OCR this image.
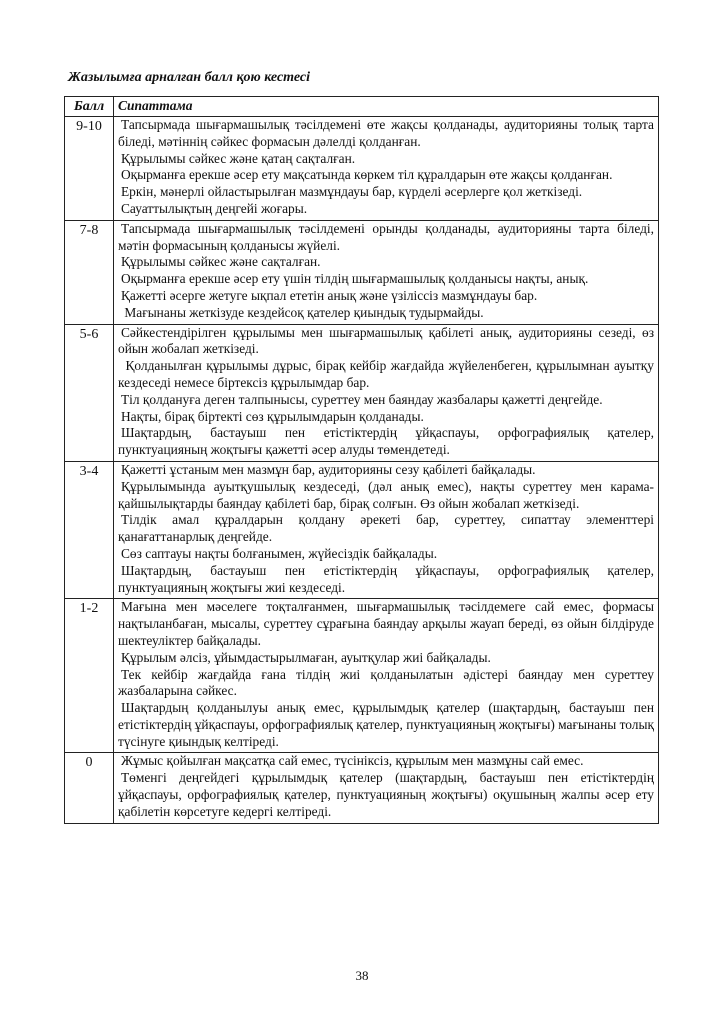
Жазылымға арналған балл қою кестесі
Балл	Сипаттама
9-10	Тапсырмада шығармашылық тәсілдемені өте жақсы қолданады, аудиторияны толық тарта біледі, мәтіннің сәйкес формасын дәлелді қолданған.

Құрылымы сәйкес және қатаң сақталған.

Оқырманға ерекше әсер ету мақсатында көркем тіл құралдарын өте жақсы қолданған.

Еркін, мәнерлі ойластырылған мазмұндауы бар, күрделі әсерлерге қол жеткізеді.

Сауаттылықтың деңгейі жоғары.

7-8	Тапсырмада шығармашылық тәсілдемені орынды қолданады, аудиторияны тарта біледі, мәтін формасының қолданысы жүйелі.

Құрылымы сәйкес және сақталған.

Оқырманға ерекше әсер ету үшін тілдің шығармашылық қолданысы нақты, анық.

Қажетті әсерге жетуге ықпал ететін анық және үзіліссіз мазмұндауы бар.

Мағынаны жеткізуде кездейсоқ қателер қиындық тудырмайды.

5-6	Сәйкестендірілген құрылымы мен шығармашылық қабілеті анық, аудиторияны сезеді, өз ойын жобалап жеткізеді.

Қолданылған құрылымы дұрыс, бірақ кейбір жағдайда жүйеленбеген, құрылымнан ауытқу кездеседі немесе біртексіз құрылымдар бар.

Тіл қолдануға деген талпынысы, суреттеу мен баяндау жазбалары қажетті деңгейде.

Нақты, бірақ біртекті сөз құрылымдарын қолданады.

Шақтардың, бастауыш пен етістіктердің ұйқаспауы, орфографиялық қателер, пунктуацияның жоқтығы қажетті әсер алуды төмендетеді.

3-4	Қажетті ұстаным мен мазмұн бар, аудиторияны сезу қабілеті байқалады.

Құрылымында ауытқушылық кездеседі, (дәл анық емес), нақты суреттеу мен карама-қайшылықтарды баяндау қабілеті бар, бірақ солғын. Өз ойын жобалап жеткізеді.

Тілдік амал құралдарын қолдану әрекеті бар, суреттеу, сипаттау элементтері қанағаттанарлық деңгейде.

Сөз саптауы нақты болғанымен, жүйесіздік байқалады.

Шақтардың, бастауыш пен етістіктердің ұйқаспауы, орфографиялық қателер, пунктуацияның жоқтығы жиі кездеседі.

1-2	Мағына мен мәселеге тоқталғанмен, шығармашылық тәсілдемеге сай емес, формасы нақтыланбаған, мысалы, суреттеу сұрағына баяндау арқылы жауап береді, өз ойын білдіруде шектеуліктер байқалады.

Құрылым әлсіз, ұйымдастырылмаған, ауытқулар жиі байқалады.

Тек кейбір жағдайда ғана тілдің жиі қолданылатын әдістері баяндау мен суреттеу жазбаларына сәйкес.

Шақтардың қолданылуы анық емес, құрылымдық қателер (шақтардың, бастауыш пен етістіктердің ұйқаспауы, орфографиялық қателер, пунктуацияның жоқтығы) мағынаны толық түсінуге қиындық келтіреді.

0	Жұмыс қойылған мақсатқа сай емес, түсініксіз, құрылым мен мазмұны сай емес.

Төменгі деңгейдегі құрылымдық қателер (шақтардың, бастауыш пен етістіктердің ұйқаспауы, орфографиялық қателер, пунктуацияның жоқтығы) оқушының жалпы әсер ету қабілетін көрсетуге кедергі келтіреді.

38
